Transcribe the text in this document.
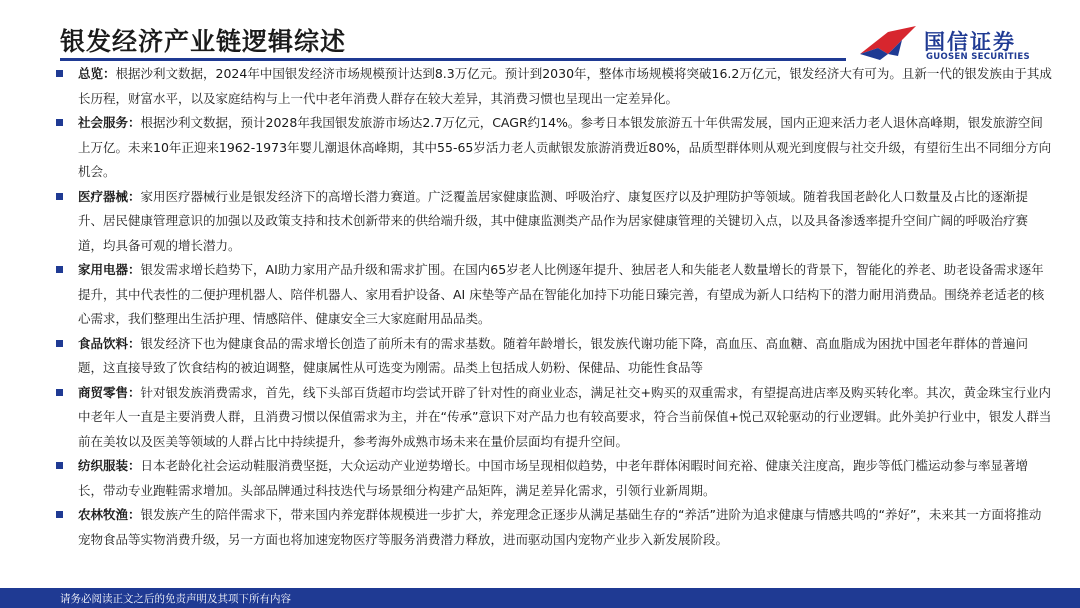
银发经济产业链逻辑综述	国信证券
GUOSEN SECURITIES
总览：根据沙利文数据，2024年中国银发经济市场规模预计达到8.3万亿元。预计到2030年，整体市场规模将突破16.2万亿元，银发经济大有可为。且新一代的银发族由于其成长历程，财富水平，以及家庭结构与上一代中老年消费人群存在较大差异，其消费习惯也呈现出一定差异化。
社会服务：根据沙利文数据，预计2028年我国银发旅游市场达2.7万亿元，CAGR约14%。参考日本银发旅游五十年供需发展，国内正迎来活力老人退休高峰期，银发旅游空间上万亿。未来10年正迎来1962-1973年婴儿潮退休高峰期，其中55-65岁活力老人贡献银发旅游消费近80%，品质型群体则从观光到度假与社交升级，有望衍生出不同细分方向机会。
医疗器械：家用医疗器械行业是银发经济下的高增长潜力赛道。广泛覆盖居家健康监测、呼吸治疗、康复医疗以及护理防护等领域。随着我国老龄化人口数量及占比的逐渐提升、居民健康管理意识的加强以及政策支持和技术创新带来的供给端升级，其中健康监测类产品作为居家健康管理的关键切入点，以及具备渗透率提升空间广阔的呼吸治疗赛道，均具备可观的增长潜力。
家用电器：银发需求增长趋势下，AI助力家用产品升级和需求扩围。在国内65岁老人比例逐年提升、独居老人和失能老人数量增长的背景下，智能化的养老、助老设备需求逐年提升，其中代表性的二便护理机器人、陪伴机器人、家用看护设备、AI 床垫等产品在智能化加持下功能日臻完善，有望成为新人口结构下的潜力耐用消费品。围绕养老适老的核心需求，我们整理出生活护理、情感陪伴、健康安全三大家庭耐用品品类。
食品饮料：银发经济下也为健康食品的需求增长创造了前所未有的需求基数。随着年龄增长，银发族代谢功能下降，高血压、高血糖、高血脂成为困扰中国老年群体的普遍问题，这直接导致了饮食结构的被迫调整，健康属性从可选变为刚需。品类上包括成人奶粉、保健品、功能性食品等
商贸零售：针对银发族消费需求，首先，线下头部百货超市均尝试开辟了针对性的商业业态，满足社交+购买的双重需求，有望提高进店率及购买转化率。其次，黄金珠宝行业内中老年人一直是主要消费人群，且消费习惯以保值需求为主，并在“传承”意识下对产品力也有较高要求，符合当前保值+悦己双轮驱动的行业逻辑。此外美护行业中，银发人群当前在美妆以及医美等领域的人群占比中持续提升，参考海外成熟市场未来在量价层面均有提升空间。
纺织服装：日本老龄化社会运动鞋服消费坚挺，大众运动产业逆势增长。中国市场呈现相似趋势，中老年群体闲暇时间充裕、健康关注度高，跑步等低门槛运动参与率显著增长，带动专业跑鞋需求增加。头部品牌通过科技迭代与场景细分构建产品矩阵，满足差异化需求，引领行业新周期。
农林牧渔：银发族产生的陪伴需求下，带来国内养宠群体规模进一步扩大，养宠理念正逐步从满足基础生存的“养活”进阶为追求健康与情感共鸣的“养好”，未来其一方面将推动宠物食品等实物消费升级，另一方面也将加速宠物医疗等服务消费潜力释放，进而驱动国内宠物产业步入新发展阶段。
请务必阅读正文之后的免责声明及其项下所有内容
